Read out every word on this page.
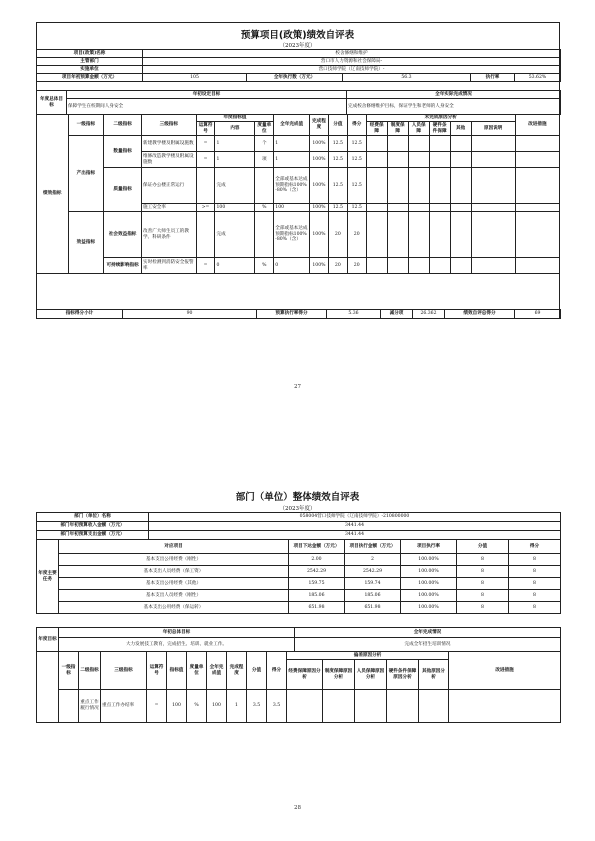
预算项目(政策)绩效自评表
（2023年度）
项目(政策)名称	校舍修缮和维护				
主管部门	营口市人力资源和社会保障局-				
实施单位	营口技师学院（辽南技师学院）-				
项目年初预算金额（万元）	105	全年执行数（万元）	56.3	执行率	53.62%
年度总体目标	年初设定目标	全年实际完成情况
	保障学生在校期间人身安全	完成校舍修缮维护目标，保证学生和老师的人身安全
绩效指标	一级指标	二级指标	三级指标	年度指标值			全年完成值	完成程度	分值	得分	未完成原因分析						改进措施
				运算符号	内容	度量单位					经费保障	制度保障	人员保障	硬件条件保障	其他	原因说明	

	产出指标	数量指标	新建教学楼及附属设施数	=	1	个	1	100%	12.5	12.5							
			维修改造教学楼及附属设施数	=	1	项	1	100%	12.5	12.5							
		质量指标	保证办公楼正常运行		完成		全部或基本达成预期指标100%-80%（含）	100%	12.5	12.5							
			施工安全率	>=	100	%	100	100%	12.5	12.5							
	效益指标	社会效益指标	改善广大师生员工的教学、科研条件		完成		全部或基本达成预期指标100%-80%（含）	100%	20	20							
		可持续影响指标	实时检测到消防安全报警率	=	0	%	0	100%	20	20							
指标得分小计	90	预算执行率得分	5.36	减分项	26.362	绩效自评总得分	69
27
部门（单位）整体绩效自评表
（2023年度）
部门（单位）名称	058004营口技师学院（辽南技师学院）-210800000
部门年初预算收入金额（万元）	3441.44
部门年初预算支出金额（万元）	3441.44
年度主要任务	对应项目	项目下达金额（万元）	项目执行金额（万元）	项目执行率	分值	得分
	基本支出公用经费（刚性）	2.00	2	100.00%	8	8
	基本支出人员经费（保工资）	2542.29	2542.29	100.00%	8	8
	基本支出公用经费（其他）	159.75	159.74	100.00%	8	8
	基本支出人员经费（刚性）	185.06	185.06	100.00%	8	8
	基本支出公用经费（保运转）	651.98	651.98	100.00%	8	8
年度目标	年初总体目标	全年完成情况
	大力发展技工教育，完成招生、培训、就业工作。	完成全年招生培训情况
	一级指标	二级指标	三级指标	运算符号	指标值	度量单位	全年完成值	完成程度	分值	得分	偏差原因分析					改进措施
											经费保障原因分析	制度保障原因分析	人员保障原因分析	硬件条件保障原因分析	其他原因分析	
		重点工作履行情况	重点工作办结率	=	100	%	100	1	3.5	3.5						
28
